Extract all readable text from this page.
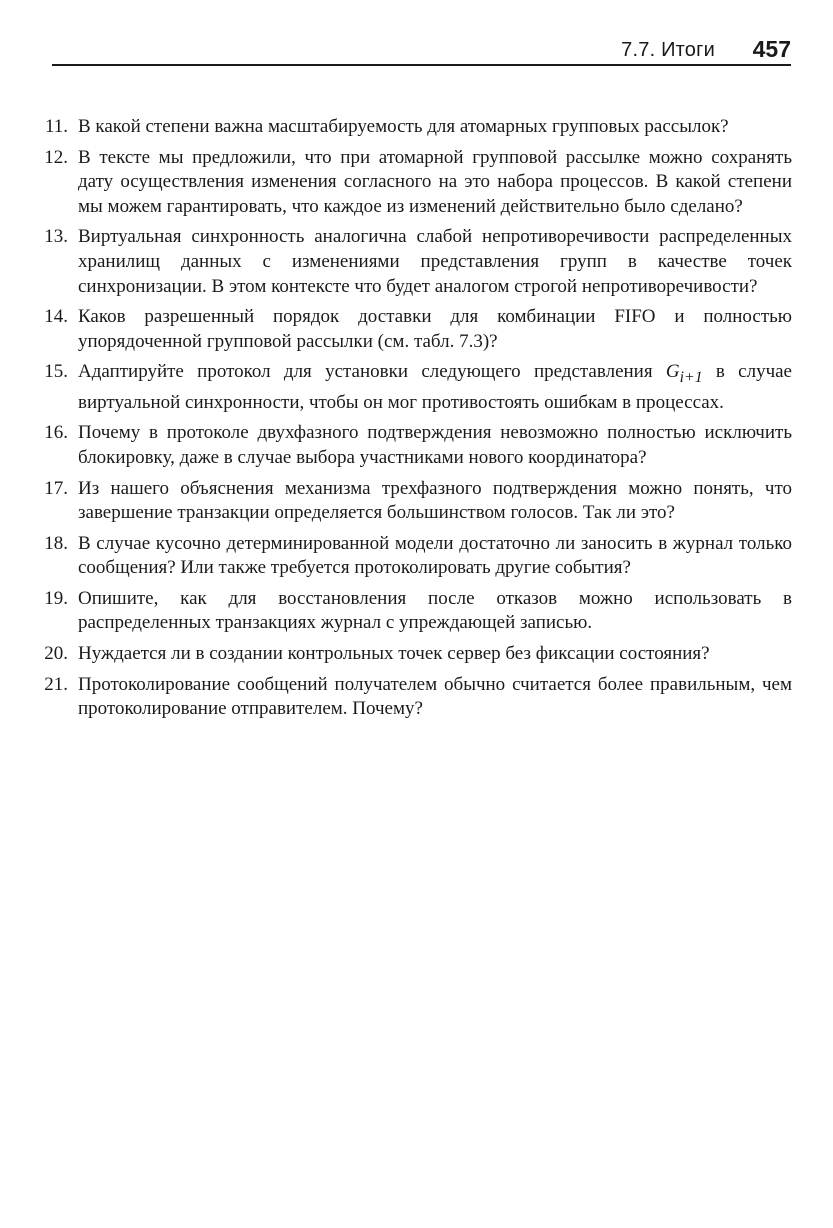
7.7. Итоги 457
11. В какой степени важна масштабируемость для атомарных групповых рассылок?
12. В тексте мы предложили, что при атомарной групповой рассылке можно сохранять дату осуществления изменения согласного на это набора процессов. В какой степени мы можем гарантировать, что каждое из изменений действительно было сделано?
13. Виртуальная синхронность аналогична слабой непротиворечивости распределенных хранилищ данных с изменениями представления групп в качестве точек синхронизации. В этом контексте что будет аналогом строгой непротиворечивости?
14. Каков разрешенный порядок доставки для комбинации FIFO и полностью упорядоченной групповой рассылки (см. табл. 7.3)?
15. Адаптируйте протокол для установки следующего представления $G_{i+1}$ в случае виртуальной синхронности, чтобы он мог противостоять ошибкам в процессах.
16. Почему в протоколе двухфазного подтверждения невозможно полностью исключить блокировку, даже в случае выбора участниками нового координатора?
17. Из нашего объяснения механизма трехфазного подтверждения можно понять, что завершение транзакции определяется большинством голосов. Так ли это?
18. В случае кусочно детерминированной модели достаточно ли заносить в журнал только сообщения? Или также требуется протоколировать другие события?
19. Опишите, как для восстановления после отказов можно использовать в распределенных транзакциях журнал с упреждающей записью.
20. Нуждается ли в создании контрольных точек сервер без фиксации состояния?
21. Протоколирование сообщений получателем обычно считается более правильным, чем протоколирование отправителем. Почему?
